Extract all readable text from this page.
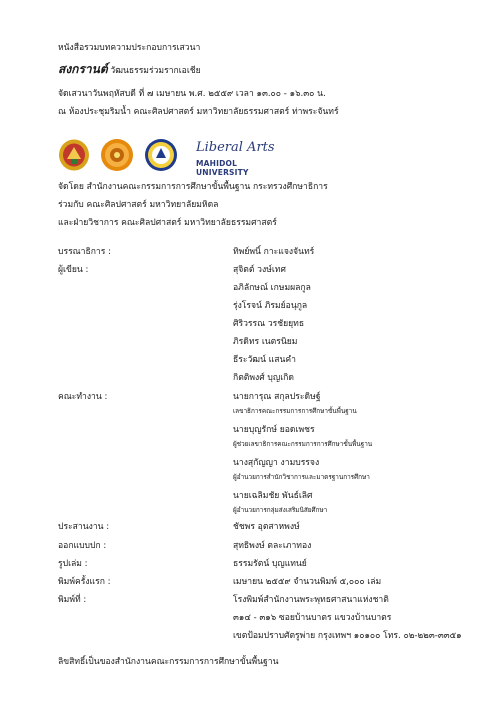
หนังสือรวมบทความประกอบการเสวนา
สงกรานต์ วัฒนธรรมร่วมรากเอเชีย
จัดเสวนาวันพฤหัสบดี ที่ ๗ เมษายน พ.ศ. ๒๕๕๙ เวลา ๑๓.๐๐ - ๑๖.๓๐ น.
ณ ห้องประชุมริมน้ำ คณะศิลปศาสตร์ มหาวิทยาลัยธรรมศาสตร์ ท่าพระจันทร์
Liberal Arts
MAHIDOL UNIVERSITY
จัดโดย สำนักงานคณะกรรมการการศึกษาขั้นพื้นฐาน กระทรวงศึกษาธิการ
ร่วมกับ คณะศิลปศาสตร์ มหาวิทยาลัยมหิดล
และฝ่ายวิชาการ คณะศิลปศาสตร์ มหาวิทยาลัยธรรมศาสตร์
บรรณาธิการ :	ทิพย์พนิ์ กาะแจงจันทร์
ผู้เขียน :	สุจิตต์ วงษ์เทศ
อภิลักษณ์ เกษมผลกูล
รุ่งโรจน์ ภิรมย์อนุกูล
ศิริวรรณ วรชัยยุทธ
ภิรดิทร เนตรนิยม
ธีระวัฒน์ แสนคำ
กิตติพงศ์ บุญเกิด
คณะทำงาน :	นายการุณ สกุลประดิษฐ์
เลขาธิการคณะกรรมการการศึกษาขั้นพื้นฐาน
นายบุญรักษ์ ยอดเพชร
ผู้ช่วยเลขาธิการคณะกรรมการการศึกษาขั้นพื้นฐาน
นางสุกัญญา งามบรรจง
ผู้อำนวยการสำนักวิชาการและมาตรฐานการศึกษา
นายเฉลิมชัย พันธ์เลิศ
ผู้อำนวยการกลุ่มส่งเสริมนิสัยศึกษา
ประสานงาน :	ชัชพร อุตสาหพงษ์
ออกแบบปก :	สุทธิพงษ์ ตละเภาทอง
รูปเล่ม :	ธรรมรัตน์ บุญแทนย์
พิมพ์ครั้งแรก :	เมษายน ๒๕๕๙ จำนวนพิมพ์ ๕,๐๐๐ เล่ม
พิมพ์ที่ :	โรงพิมพ์สำนักงานพระพุทธศาสนาแห่งชาติ
๓๑๔ - ๓๑๖ ซอยบ้านบาตร แขวงบ้านบาตร
เขตป้อมปราบศัตรูพ่าย กรุงเทพฯ ๑๐๑๐๐ โทร. ๐๒-๒๒๓-๓๓๕๑
ลิขสิทธิ์เป็นของสำนักงานคณะกรรมการการศึกษาขั้นพื้นฐาน
